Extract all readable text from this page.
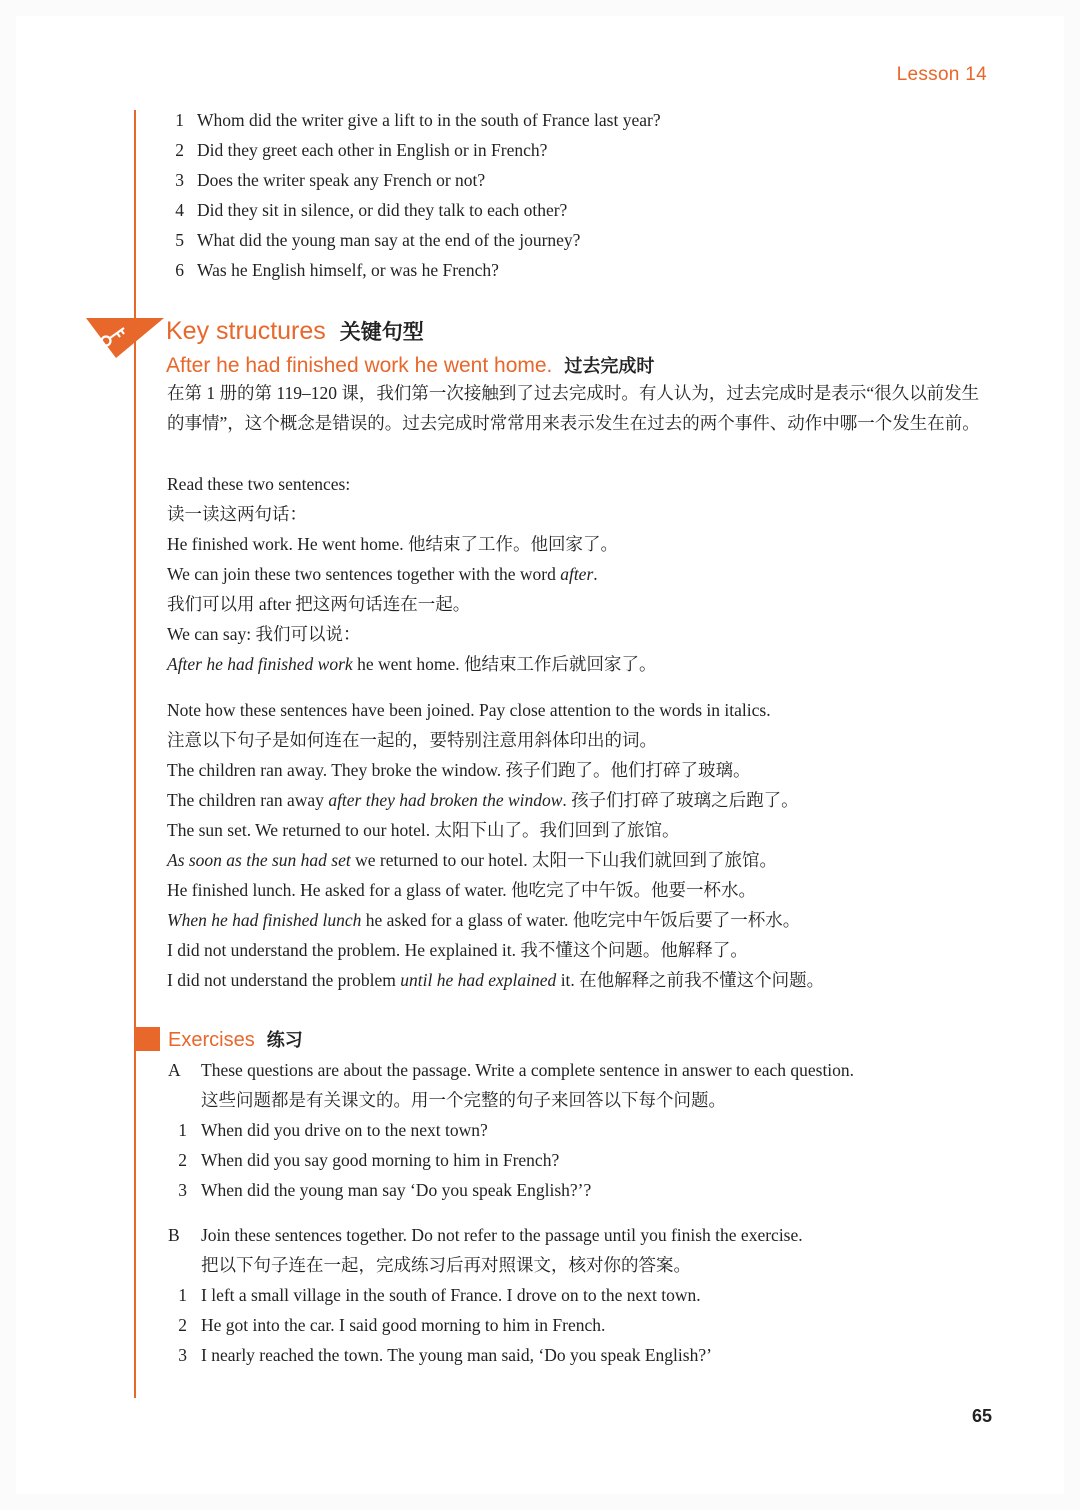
Lesson 14
1 Whom did the writer give a lift to in the south of France last year?
2 Did they greet each other in English or in French?
3 Does the writer speak any French or not?
4 Did they sit in silence, or did they talk to each other?
5 What did the young man say at the end of the journey?
6 Was he English himself, or was he French?
Key structures 关键句型
After he had finished work he went home. 过去完成时
在第 1 册的第 119–120 课，我们第一次接触到了过去完成时。有人认为，过去完成时是表示“很久以前发生的事情”，这个概念是错误的。过去完成时常常用来表示发生在过去的两个事件、动作中哪一个发生在前。
Read these two sentences:
读一读这两句话：
He finished work. He went home. 他结束了工作。他回家了。
We can join these two sentences together with the word after.
我们可以用 after 把这两句话连在一起。
We can say: 我们可以说：
After he had finished work he went home. 他结束工作后就回家了。
Note how these sentences have been joined. Pay close attention to the words in italics.
注意以下句子是如何连在一起的，要特别注意用斜体印出的词。
The children ran away. They broke the window. 孩子们跑了。他们打碎了玻璃。
The children ran away after they had broken the window. 孩子们打碎了玻璃之后跑了。
The sun set. We returned to our hotel. 太阳下山了。我们回到了旅馆。
As soon as the sun had set we returned to our hotel. 太阳一下山我们就回到了旅馆。
He finished lunch. He asked for a glass of water. 他吃完了中午饭。他要一杯水。
When he had finished lunch he asked for a glass of water. 他吃完中午饭后要了一杯水。
I did not understand the problem. He explained it. 我不懂这个问题。他解释了。
I did not understand the problem until he had explained it. 在他解释之前我不懂这个问题。
Exercises 练习
A These questions are about the passage. Write a complete sentence in answer to each question.
这些问题都是有关课文的。用一个完整的句子来回答以下每个问题。
1 When did you drive on to the next town?
2 When did you say good morning to him in French?
3 When did the young man say ‘Do you speak English?’?
B Join these sentences together. Do not refer to the passage until you finish the exercise.
把以下句子连在一起，完成练习后再对照课文，核对你的答案。
1 I left a small village in the south of France. I drove on to the next town.
2 He got into the car. I said good morning to him in French.
3 I nearly reached the town. The young man said, ‘Do you speak English?’
65
